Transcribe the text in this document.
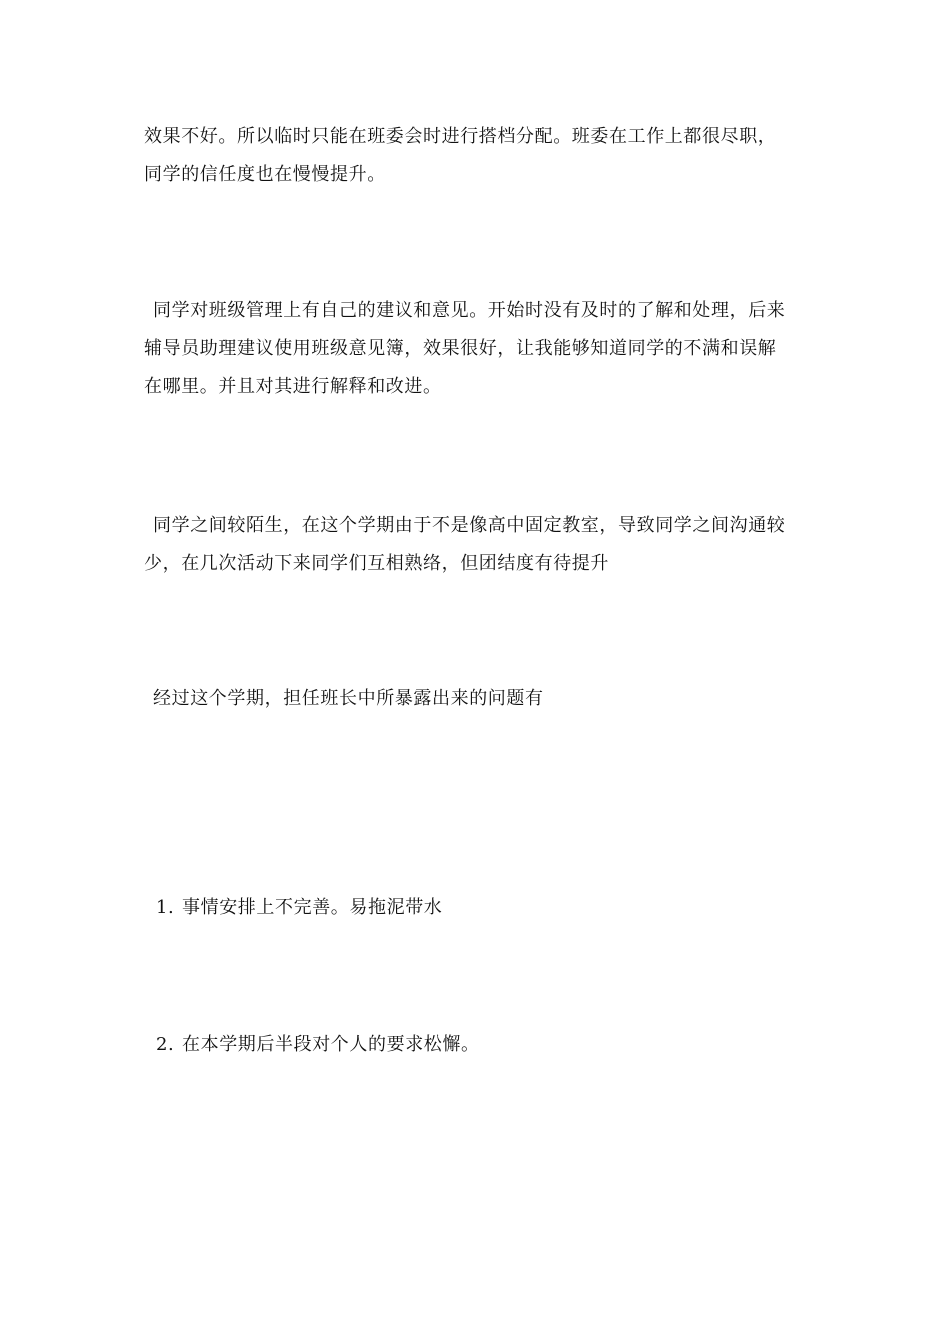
效果不好。所以临时只能在班委会时进行搭档分配。班委在工作上都很尽职，
同学的信任度也在慢慢提升。

同学对班级管理上有自己的建议和意见。开始时没有及时的了解和处理，后来
辅导员助理建议使用班级意见簿，效果很好，让我能够知道同学的不满和误解
在哪里。并且对其进行解释和改进。

同学之间较陌生，在这个学期由于不是像高中固定教室，导致同学之间沟通较
少，在几次活动下来同学们互相熟络，但团结度有待提升

经过这个学期，担任班长中所暴露出来的问题有

1. 事情安排上不完善。易拖泥带水
2. 在本学期后半段对个人的要求松懈。
